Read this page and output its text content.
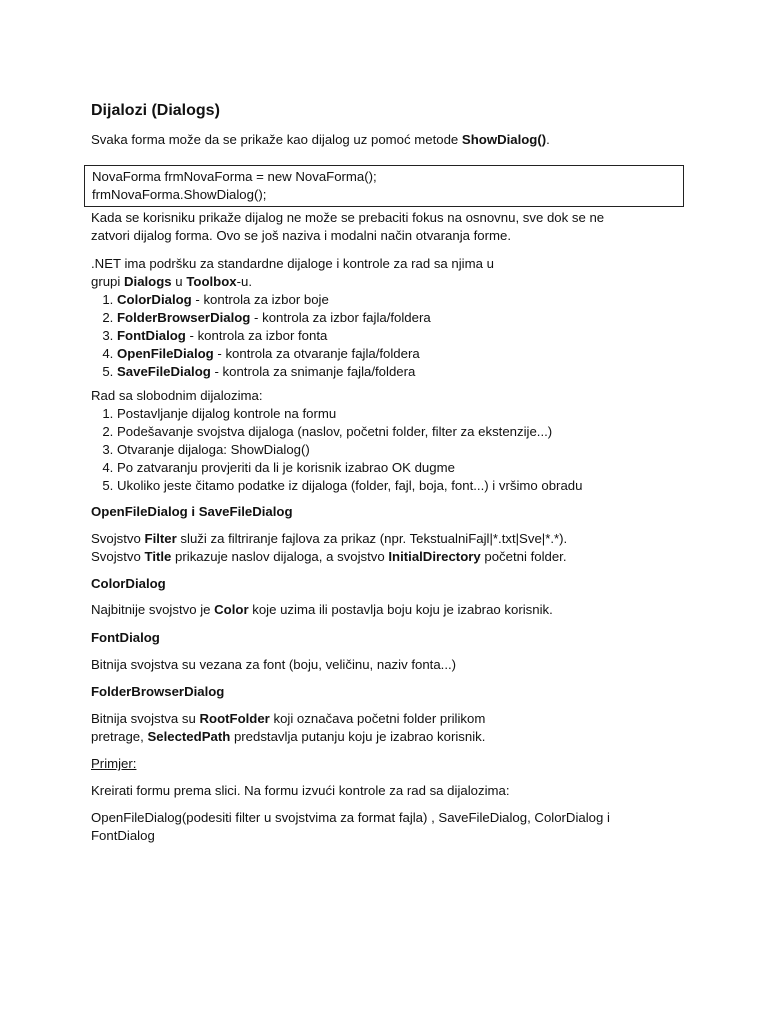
Dijalozi (Dialogs)

Svaka forma može da se prikaže kao dijalog uz pomoć metode ShowDialog().

NovaForma frmNovaForma = new NovaForma();
frmNovaForma.ShowDialog();
Kada se korisniku prikaže dijalog ne može se prebaciti fokus na osnovnu, sve dok se ne
zatvori dijalog forma. Ovo se još naziva i modalni način otvaranja forme.
.NET ima podršku za standardne dijaloge i kontrole za rad sa njima u
grupi Dialogs u Toolbox-u.
1. ColorDialog - kontrola za izbor boje
2. FolderBrowserDialog - kontrola za izbor fajla/foldera
3. FontDialog - kontrola za izbor fonta
4. OpenFileDialog - kontrola za otvaranje fajla/foldera
5. SaveFileDialog - kontrola za snimanje fajla/foldera
Rad sa slobodnim dijalozima:
1. Postavljanje dijalog kontrole na formu
2. Podešavanje svojstva dijaloga (naslov, početni folder, filter za ekstenzije...)
3. Otvaranje dijaloga: ShowDialog()
4. Po zatvaranju provjeriti da li je korisnik izabrao OK dugme
5. Ukoliko jeste čitamo podatke iz dijaloga (folder, fajl, boja, font...) i vršimo obradu
OpenFileDialog i SaveFileDialog
Svojstvo Filter služi za filtriranje fajlova za prikaz (npr. TekstualniFajl|*.txt|Sve|*.*).
Svojstvo Title prikazuje naslov dijaloga, a svojstvo InitialDirectory početni folder.
ColorDialog
Najbitnije svojstvo je Color koje uzima ili postavlja boju koju je izabrao korisnik.
FontDialog
Bitnija svojstva su vezana za font (boju, veličinu, naziv fonta...)
FolderBrowserDialog
Bitnija svojstva su RootFolder koji označava početni folder prilikom
pretrage, SelectedPath predstavlja putanju koju je izabrao korisnik.
Primjer:
Kreirati formu prema slici. Na formu izvući kontrole za rad sa dijalozima:
OpenFileDialog(podesiti filter u svojstvima za format fajla) , SaveFileDialog, ColorDialog i
FontDialog
